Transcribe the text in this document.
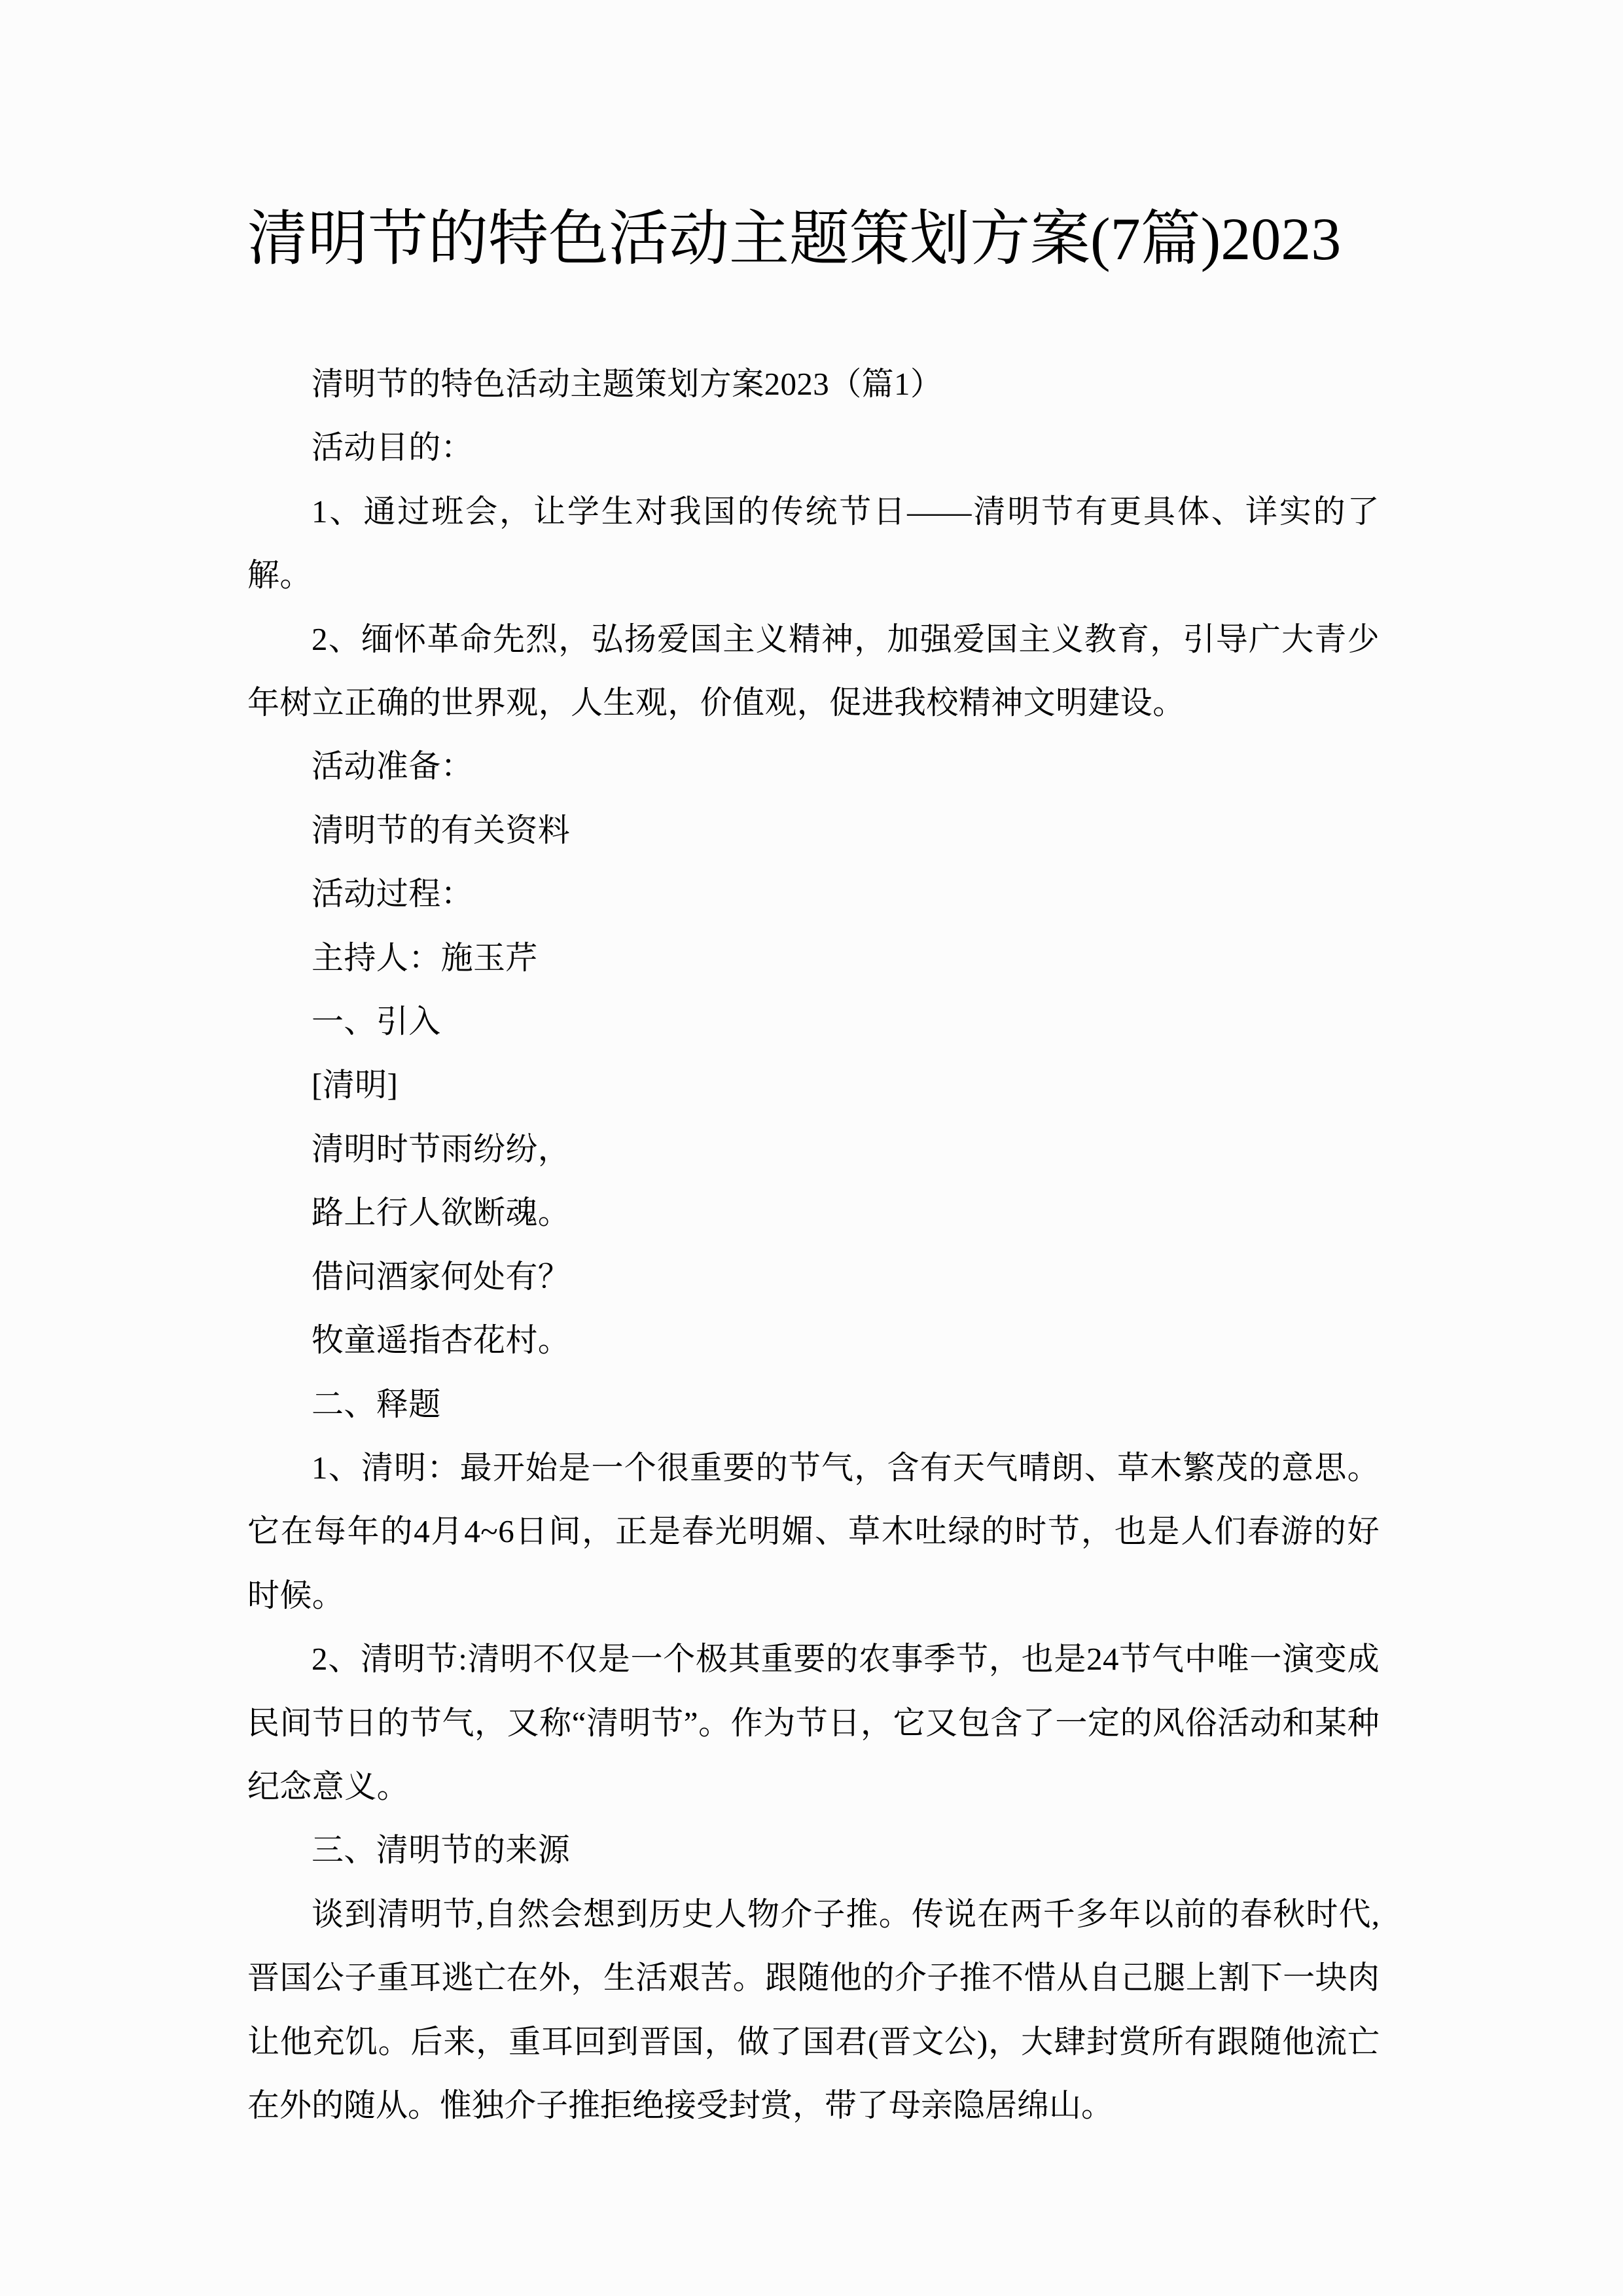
清明节的特色活动主题策划方案(7篇)2023

清明节的特色活动主题策划方案2023（篇1）

活动目的：

1、通过班会，让学生对我国的传统节日——清明节有更具体、详实的了解。

2、缅怀革命先烈，弘扬爱国主义精神，加强爱国主义教育，引导广大青少年树立正确的世界观，人生观，价值观，促进我校精神文明建设。

活动准备：

清明节的有关资料

活动过程：

主持人：施玉芹

一、引入

[清明]

清明时节雨纷纷，

路上行人欲断魂。

借问酒家何处有？

牧童遥指杏花村。

二、释题

1、清明：最开始是一个很重要的节气，含有天气晴朗、草木繁茂的意思。它在每年的4月4~6日间，正是春光明媚、草木吐绿的时节，也是人们春游的好时候。

2、清明节:清明不仅是一个极其重要的农事季节，也是24节气中唯一演变成民间节日的节气，又称“清明节”。作为节日，它又包含了一定的风俗活动和某种纪念意义。

三、清明节的来源

谈到清明节,自然会想到历史人物介子推。传说在两千多年以前的春秋时代,晋国公子重耳逃亡在外，生活艰苦。跟随他的介子推不惜从自己腿上割下一块肉让他充饥。后来，重耳回到晋国，做了国君(晋文公)，大肆封赏所有跟随他流亡在外的随从。惟独介子推拒绝接受封赏，带了母亲隐居绵山。
